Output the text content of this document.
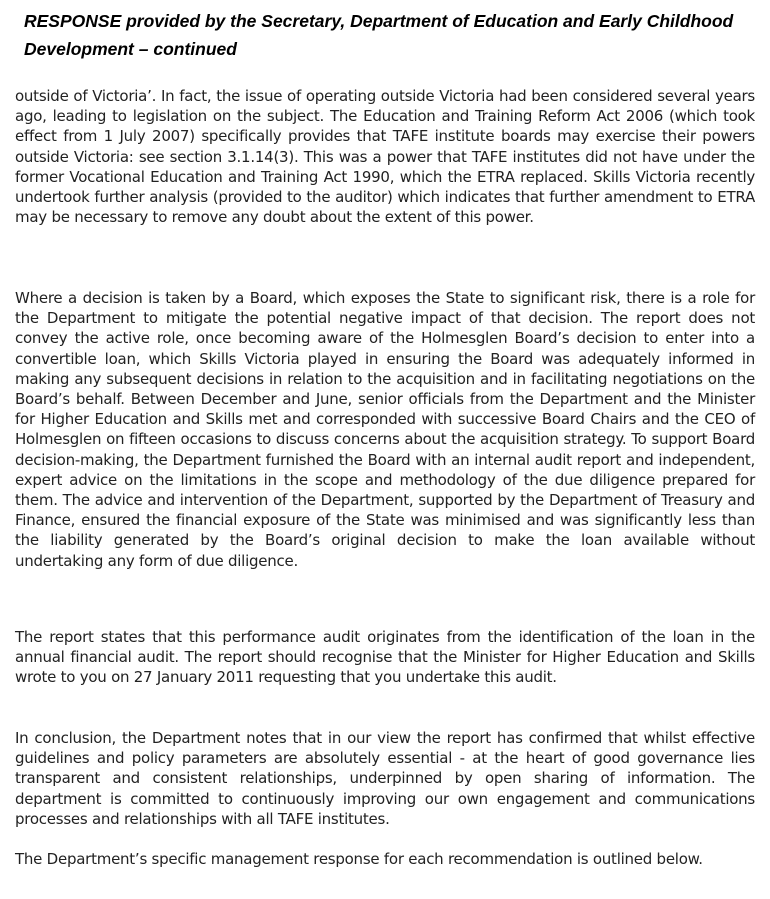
RESPONSE provided by the Secretary, Department of Education and Early Childhood Development – continued

outside of Victoria’. In fact, the issue of operating outside Victoria had been considered several years ago, leading to legislation on the subject. The Education and Training Reform Act 2006 (which took effect from 1 July 2007) specifically provides that TAFE institute boards may exercise their powers outside Victoria: see section 3.1.14(3). This was a power that TAFE institutes did not have under the former Vocational Education and Training Act 1990, which the ETRA replaced. Skills Victoria recently undertook further analysis (provided to the auditor) which indicates that further amendment to ETRA may be necessary to remove any doubt about the extent of this power.

Where a decision is taken by a Board, which exposes the State to significant risk, there is a role for the Department to mitigate the potential negative impact of that decision. The report does not convey the active role, once becoming aware of the Holmesglen Board’s decision to enter into a convertible loan, which Skills Victoria played in ensuring the Board was adequately informed in making any subsequent decisions in relation to the acquisition and in facilitating negotiations on the Board’s behalf. Between December and June, senior officials from the Department and the Minister for Higher Education and Skills met and corresponded with successive Board Chairs and the CEO of Holmesglen on fifteen occasions to discuss concerns about the acquisition strategy. To support Board decision-making, the Department furnished the Board with an internal audit report and independent, expert advice on the limitations in the scope and methodology of the due diligence prepared for them. The advice and intervention of the Department, supported by the Department of Treasury and Finance, ensured the financial exposure of the State was minimised and was significantly less than the liability generated by the Board’s original decision to make the loan available without undertaking any form of due diligence.

The report states that this performance audit originates from the identification of the loan in the annual financial audit. The report should recognise that the Minister for Higher Education and Skills wrote to you on 27 January 2011 requesting that you undertake this audit.

In conclusion, the Department notes that in our view the report has confirmed that whilst effective guidelines and policy parameters are absolutely essential - at the heart of good governance lies transparent and consistent relationships, underpinned by open sharing of information. The department is committed to continuously improving our own engagement and communications processes and relationships with all TAFE institutes.

The Department’s specific management response for each recommendation is outlined below.
